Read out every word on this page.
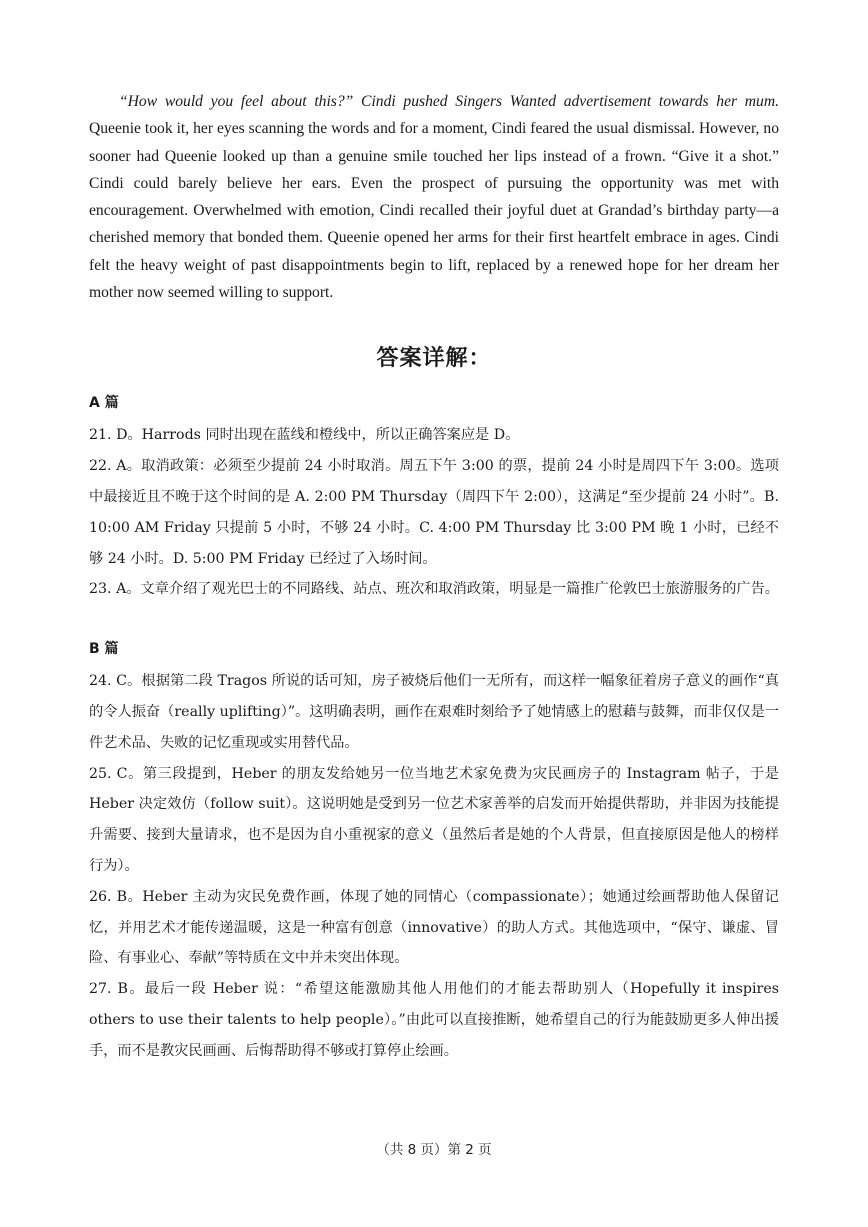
“How would you feel about this?” Cindi pushed Singers Wanted advertisement towards her mum. Queenie took it, her eyes scanning the words and for a moment, Cindi feared the usual dismissal. However, no sooner had Queenie looked up than a genuine smile touched her lips instead of a frown. “Give it a shot.” Cindi could barely believe her ears. Even the prospect of pursuing the opportunity was met with encouragement. Overwhelmed with emotion, Cindi recalled their joyful duet at Grandad’s birthday party—a cherished memory that bonded them. Queenie opened her arms for their first heartfelt embrace in ages. Cindi felt the heavy weight of past disappointments begin to lift, replaced by a renewed hope for her dream her mother now seemed willing to support.

答案详解：
A 篇

21. D。Harrods 同时出现在蓝线和橙线中，所以正确答案应是 D。

22. A。取消政策：必须至少提前 24 小时取消。周五下午 3:00 的票，提前 24 小时是周四下午 3:00。选项中最接近且不晚于这个时间的是 A. 2:00 PM Thursday（周四下午 2:00），这满足“至少提前 24 小时”。B. 10:00 AM Friday 只提前 5 小时，不够 24 小时。C. 4:00 PM Thursday 比 3:00 PM 晚 1 小时，已经不够 24 小时。D. 5:00 PM Friday 已经过了入场时间。

23. A。文章介绍了观光巴士的不同路线、站点、班次和取消政策，明显是一篇推广伦敦巴士旅游服务的广告。

B 篇

24. C。根据第二段 Tragos 所说的话可知，房子被烧后他们一无所有，而这样一幅象征着房子意义的画作“真的令人振奋（really uplifting）”。这明确表明，画作在艰难时刻给予了她情感上的慰藉与鼓舞，而非仅仅是一件艺术品、失败的记忆重现或实用替代品。

25. C。第三段提到，Heber 的朋友发给她另一位当地艺术家免费为灾民画房子的 Instagram 帖子，于是 Heber 决定效仿（follow suit）。这说明她是受到另一位艺术家善举的启发而开始提供帮助，并非因为技能提升需要、接到大量请求，也不是因为自小重视家的意义（虽然后者是她的个人背景，但直接原因是他人的榜样行为）。

26. B。Heber 主动为灾民免费作画，体现了她的同情心（compassionate）；她通过绘画帮助他人保留记忆，并用艺术才能传递温暖，这是一种富有创意（innovative）的助人方式。其他选项中，“保守、谦虚、冒险、有事业心、奉献”等特质在文中并未突出体现。

27. B。最后一段 Heber 说：“希望这能激励其他人用他们的才能去帮助别人（Hopefully it inspires others to use their talents to help people）。”由此可以直接推断，她希望自己的行为能鼓励更多人伸出援手，而不是教灾民画画、后悔帮助得不够或打算停止绘画。

（共 8 页）第 2 页
